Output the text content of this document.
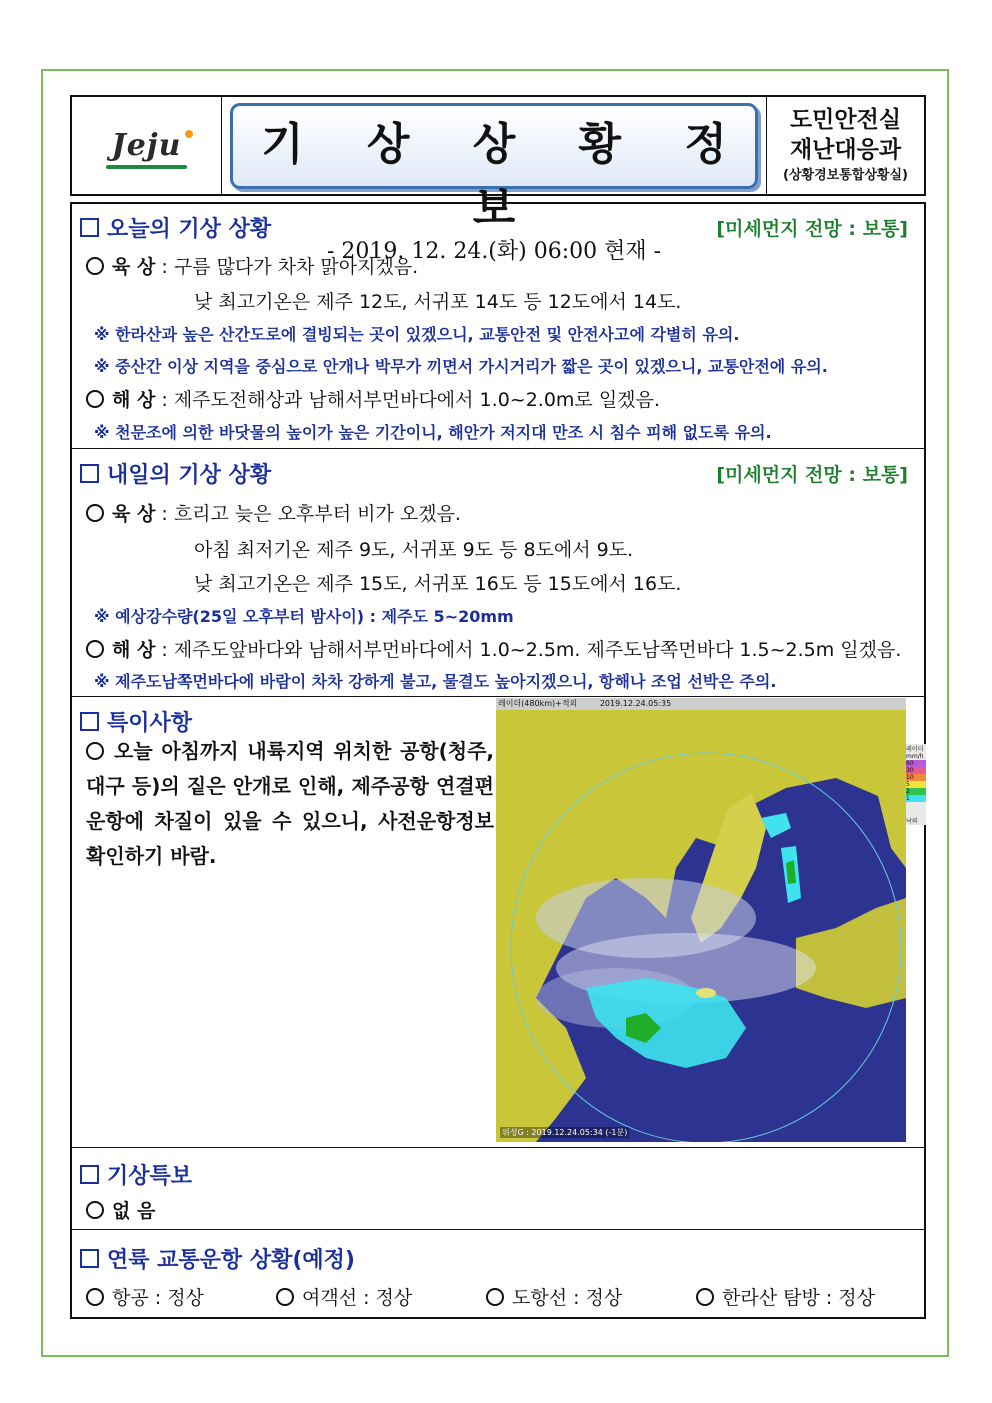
Jeju	기 상 상 황 정 보
- 2019. 12. 24.(화) 06:00 현재 -
도민안전실
재난대응과
(상황경보통합상황실)
오늘의 기상 상황	[미세먼지 전망 : 보통]
육 상 : 구름 많다가 차차 맑아지겠음.
낮 최고기온은 제주 12도, 서귀포 14도 등 12도에서 14도.
※ 한라산과 높은 산간도로에 결빙되는 곳이 있겠으니, 교통안전 및 안전사고에 각별히 유의.
※ 중산간 이상 지역을 중심으로 안개나 박무가 끼면서 가시거리가 짧은 곳이 있겠으니, 교통안전에 유의.
해 상 : 제주도전해상과 남해서부먼바다에서 1.0~2.0m로 일겠음.
※ 천문조에 의한 바닷물의 높이가 높은 기간이니, 해안가 저지대 만조 시 침수 피해 없도록 유의.
내일의 기상 상황	[미세먼지 전망 : 보통]
육 상 : 흐리고 늦은 오후부터 비가 오겠음.
아침 최저기온 제주 9도, 서귀포 9도 등 8도에서 9도.
낮 최고기온은 제주 15도, 서귀포 16도 등 15도에서 16도.
※ 예상강수량(25일 오후부터 밤사이) : 제주도 5~20mm
해 상 : 제주도앞바다와 남해서부먼바다에서 1.0~2.5m. 제주도남쪽먼바다 1.5~2.5m 일겠음.
※ 제주도남쪽먼바다에 바람이 차차 강하게 불고, 물결도 높아지겠으니, 항해나 조업 선박은 주의.
특이사항
오늘 아침까지 내륙지역 위치한 공항(청주, 대구 등)의 짙은 안개로 인해, 제주공항 연결편 운항에 차질이 있을 수 있으니, 사전운항정보 확인하기 바람.
레이더(480km)+적외	2019.12.24.05:35
위성G : 2019.12.24.05:34 (-1분)
레이더
mm/h
60
30
10
5
2
1
낙뢰
기상특보
없 음
연륙 교통운항 상황(예정)
항공 : 정상	여객선 : 정상	도항선 : 정상	한라산 탐방 : 정상
